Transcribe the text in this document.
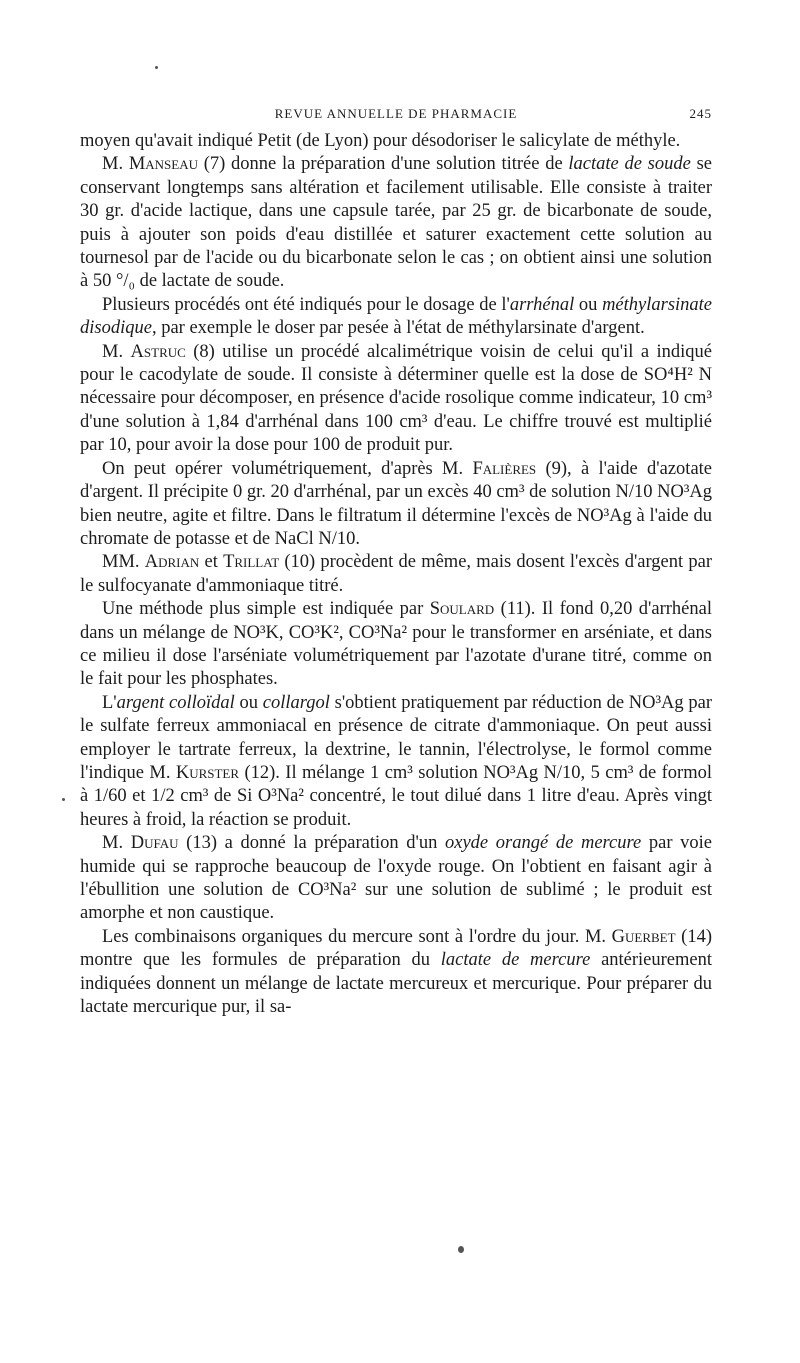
REVUE ANNUELLE DE PHARMACIE	245

moyen qu'avait indiqué Petit (de Lyon) pour désodoriser le salicylate de méthyle.

M. Manseau (7) donne la préparation d'une solution titrée de lactate de soude se conservant longtemps sans altération et facilement utilisable. Elle consiste à traiter 30 gr. d'acide lactique, dans une capsule tarée, par 25 gr. de bicarbonate de soude, puis à ajouter son poids d'eau distillée et saturer exactement cette solution au tournesol par de l'acide ou du bicarbonate selon le cas ; on obtient ainsi une solution à 50 °/₀ de lactate de soude.

Plusieurs procédés ont été indiqués pour le dosage de l'arrhénal ou méthylarsinate disodique, par exemple le doser par pesée à l'état de méthylarsinate d'argent.

M. Astruc (8) utilise un procédé alcalimétrique voisin de celui qu'il a indiqué pour le cacodylate de soude. Il consiste à déterminer quelle est la dose de SO⁴H² N nécessaire pour décomposer, en présence d'acide rosolique comme indicateur, 10 cm³ d'une solution à 1,84 d'arrhénal dans 100 cm³ d'eau. Le chiffre trouvé est multiplié par 10, pour avoir la dose pour 100 de produit pur.

On peut opérer volumétriquement, d'après M. Falières (9), à l'aide d'azotate d'argent. Il précipite 0 gr. 20 d'arrhénal, par un excès 40 cm³ de solution N/10 NO³Ag bien neutre, agite et filtre. Dans le filtratum il détermine l'excès de NO³Ag à l'aide du chromate de potasse et de NaCl N/10.

MM. Adrian et Trillat (10) procèdent de même, mais dosent l'excès d'argent par le sulfocyanate d'ammoniaque titré.

Une méthode plus simple est indiquée par Soulard (11). Il fond 0,20 d'arrhénal dans un mélange de NO³K, CO³K², CO³Na² pour le transformer en arséniate, et dans ce milieu il dose l'arséniate volumétriquement par l'azotate d'urane titré, comme on le fait pour les phosphates.

L'argent colloïdal ou collargol s'obtient pratiquement par réduction de NO³Ag par le sulfate ferreux ammoniacal en présence de citrate d'ammoniaque. On peut aussi employer le tartrate ferreux, la dextrine, le tannin, l'électrolyse, le formol comme l'indique M. Kurster (12). Il mélange 1 cm³ solution NO³Ag N/10, 5 cm³ de formol à 1/60 et 1/2 cm³ de Si O³Na² concentré, le tout dilué dans 1 litre d'eau. Après vingt heures à froid, la réaction se produit.

M. Dufau (13) a donné la préparation d'un oxyde orangé de mercure par voie humide qui se rapproche beaucoup de l'oxyde rouge. On l'obtient en faisant agir à l'ébullition une solution de CO³Na² sur une solution de sublimé ; le produit est amorphe et non caustique.

Les combinaisons organiques du mercure sont à l'ordre du jour. M. Guerbet (14) montre que les formules de préparation du lactate de mercure antérieurement indiquées donnent un mélange de lactate mercureux et mercurique. Pour préparer du lactate mercurique pur, il sa-
